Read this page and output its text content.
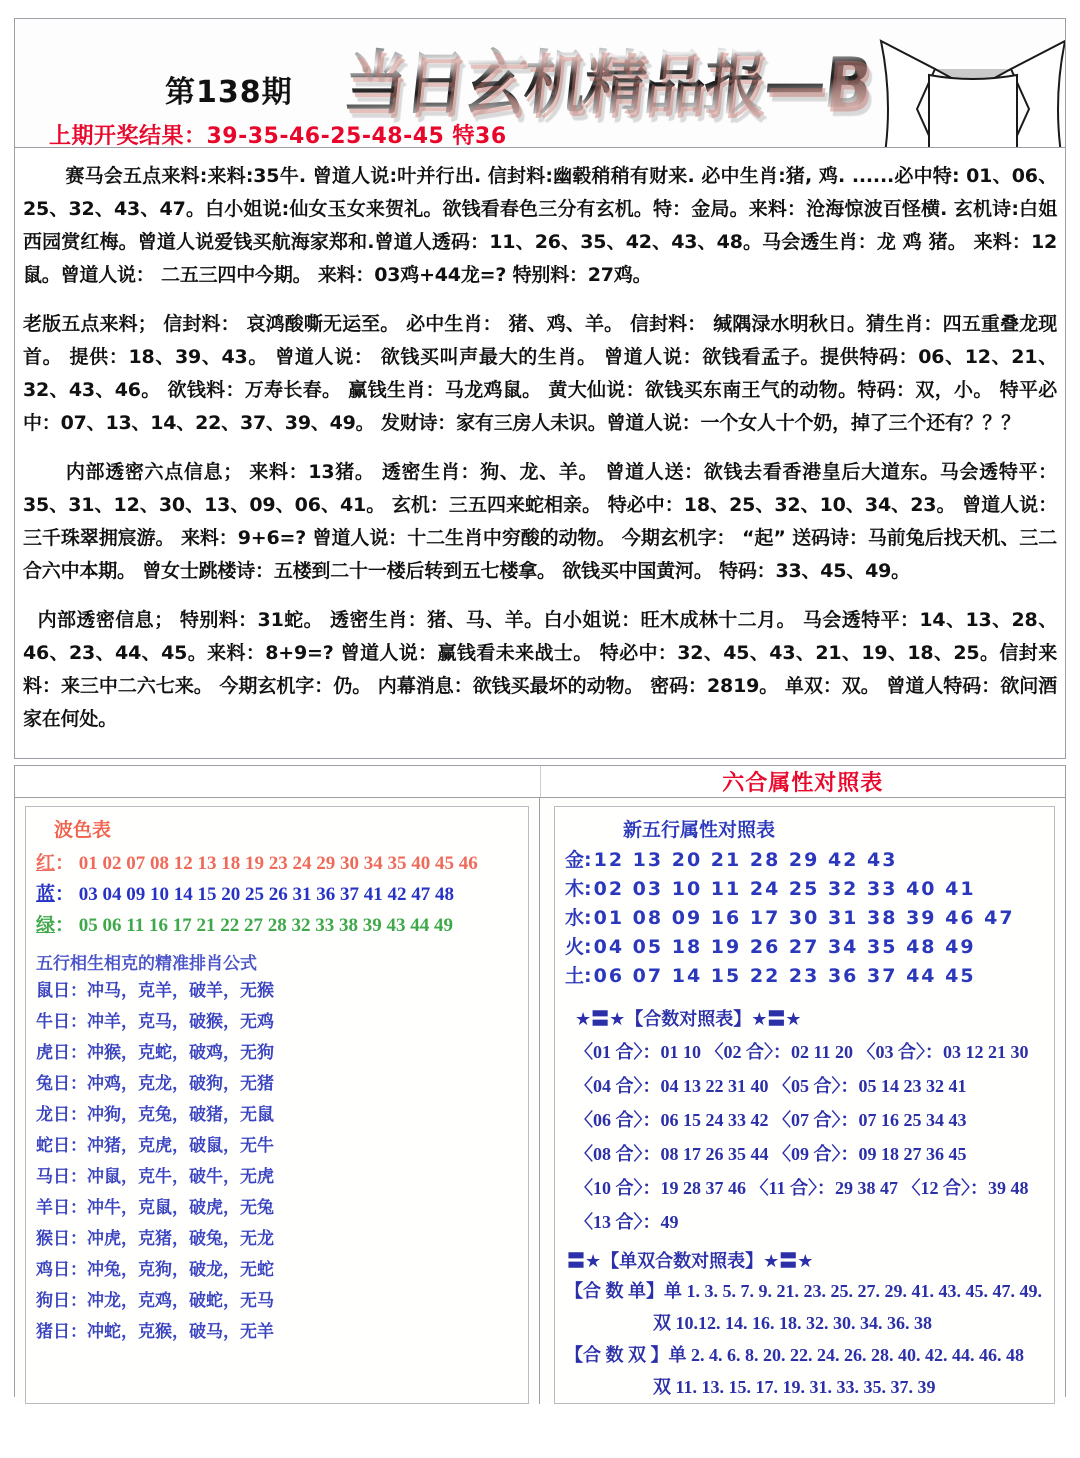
第138期 当日玄机精品报—B
上期开奖结果：39-35-46-25-48-45 特36

赛马会五点来料:来料:35牛. 曾道人说:叶并行出. 信封料:幽毂稍稍有财来. 必中生肖:猪, 鸡. ......必中特: 01、06、25、32、43、47。白小姐说:仙女玉女来贺礼。欲钱看春色三分有玄机。特：金局。来料：沧海惊波百怪横. 玄机诗:白姐西园赏红梅。曾道人说爱钱买航海家郑和.曾道人透码：11、26、35、42、43、48。马会透生肖：龙 鸡 猪。 来料：12鼠。曾道人说： 二五三四中今期。 来料：03鸡+44龙=? 特别料：27鸡。

老版五点来料； 信封料： 哀鸿酸嘶无运至。 必中生肖： 猪、鸡、羊。 信封料： 缄隅渌水明秋日。猜生肖：四五重叠龙现首。 提供：18、39、43。 曾道人说： 欲钱买叫声最大的生肖。 曾道人说：欲钱看孟子。提供特码：06、12、21、32、43、46。 欲钱料：万寿长春。 赢钱生肖：马龙鸡鼠。 黄大仙说：欲钱买东南王气的动物。特码：双，小。 特平必中：07、13、14、22、37、39、49。 发财诗：家有三房人未识。曾道人说：一个女人十个奶，掉了三个还有？？？

内部透密六点信息； 来料：13猪。 透密生肖：狗、龙、羊。 曾道人送：欲钱去看香港皇后大道东。马会透特平：35、31、12、30、13、09、06、41。 玄机：三五四来蛇相亲。 特必中：18、25、32、10、34、23。 曾道人说：三千珠翠拥宸游。 来料：9+6=? 曾道人说：十二生肖中穷酸的动物。 今期玄机字： “起” 送码诗：马前兔后找天机、三二合六中本期。 曾女士跳楼诗：五楼到二十一楼后转到五七楼拿。 欲钱买中国黄河。 特码：33、45、49。

内部透密信息； 特别料：31蛇。 透密生肖：猪、马、羊。白小姐说：旺木成林十二月。 马会透特平：14、13、28、46、23、44、45。来料：8+9=? 曾道人说：赢钱看未来战士。 特必中：32、45、43、21、19、18、25。信封来料：来三中二六七来。 今期玄机字：仍。 内幕消息：欲钱买最坏的动物。 密码：2819。 单双：双。 曾道人特码：欲问酒家在何处。

六合属性对照表
波色表
红： 01 02 07 08 12 13 18 19 23 24 29 30 34 35 40 45 46
蓝： 03 04 09 10 14 15 20 25 26 31 36 37 41 42 47 48
绿： 05 06 11 16 17 21 22 27 28 32 33 38 39 43 44 49
五行相生相克的精准排肖公式
鼠日：冲马，克羊，破羊，无猴
牛日：冲羊，克马，破猴，无鸡
虎日：冲猴，克蛇，破鸡，无狗
兔日：冲鸡，克龙，破狗，无猪
龙日：冲狗，克兔，破猪，无鼠
蛇日：冲猪，克虎，破鼠，无牛
马日：冲鼠，克牛，破牛，无虎
羊日：冲牛，克鼠，破虎，无兔
猴日：冲虎，克猪，破兔，无龙
鸡日：冲兔，克狗，破龙，无蛇
狗日：冲龙，克鸡，破蛇，无马
猪日：冲蛇，克猴，破马，无羊
新五行属性对照表
金: 12 13 20 21 28 29 42 43
木: 02 03 10 11 24 25 32 33 40 41
水: 01 08 09 16 17 30 31 38 39 46 47
火: 04 05 18 19 26 27 34 35 48 49
土: 06 07 14 15 22 23 36 37 44 45
★〓★【合数对照表】★〓★
〈01 合〉：01 10 〈02 合〉：02 11 20 〈03 合〉：03 12 21 30
〈04 合〉：04 13 22 31 40 〈05 合〉：05 14 23 32 41
〈06 合〉：06 15 24 33 42 〈07 合〉：07 16 25 34 43
〈08 合〉：08 17 26 35 44 〈09 合〉：09 18 27 36 45
〈10 合〉：19 28 37 46 〈11 合〉：29 38 47 〈12 合〉：39 48
〈13 合〉：49
〓★【单双合数对照表】★〓★
【合 数 单】单 1. 3. 5. 7. 9. 21. 23. 25. 27. 29. 41. 43. 45. 47. 49.
双 10.12. 14. 16. 18. 32. 30. 34. 36. 38
【合 数 双 】单 2. 4. 6. 8. 20. 22. 24. 26. 28. 40. 42. 44. 46. 48
双 11. 13. 15. 17. 19. 31. 33. 35. 37. 39
